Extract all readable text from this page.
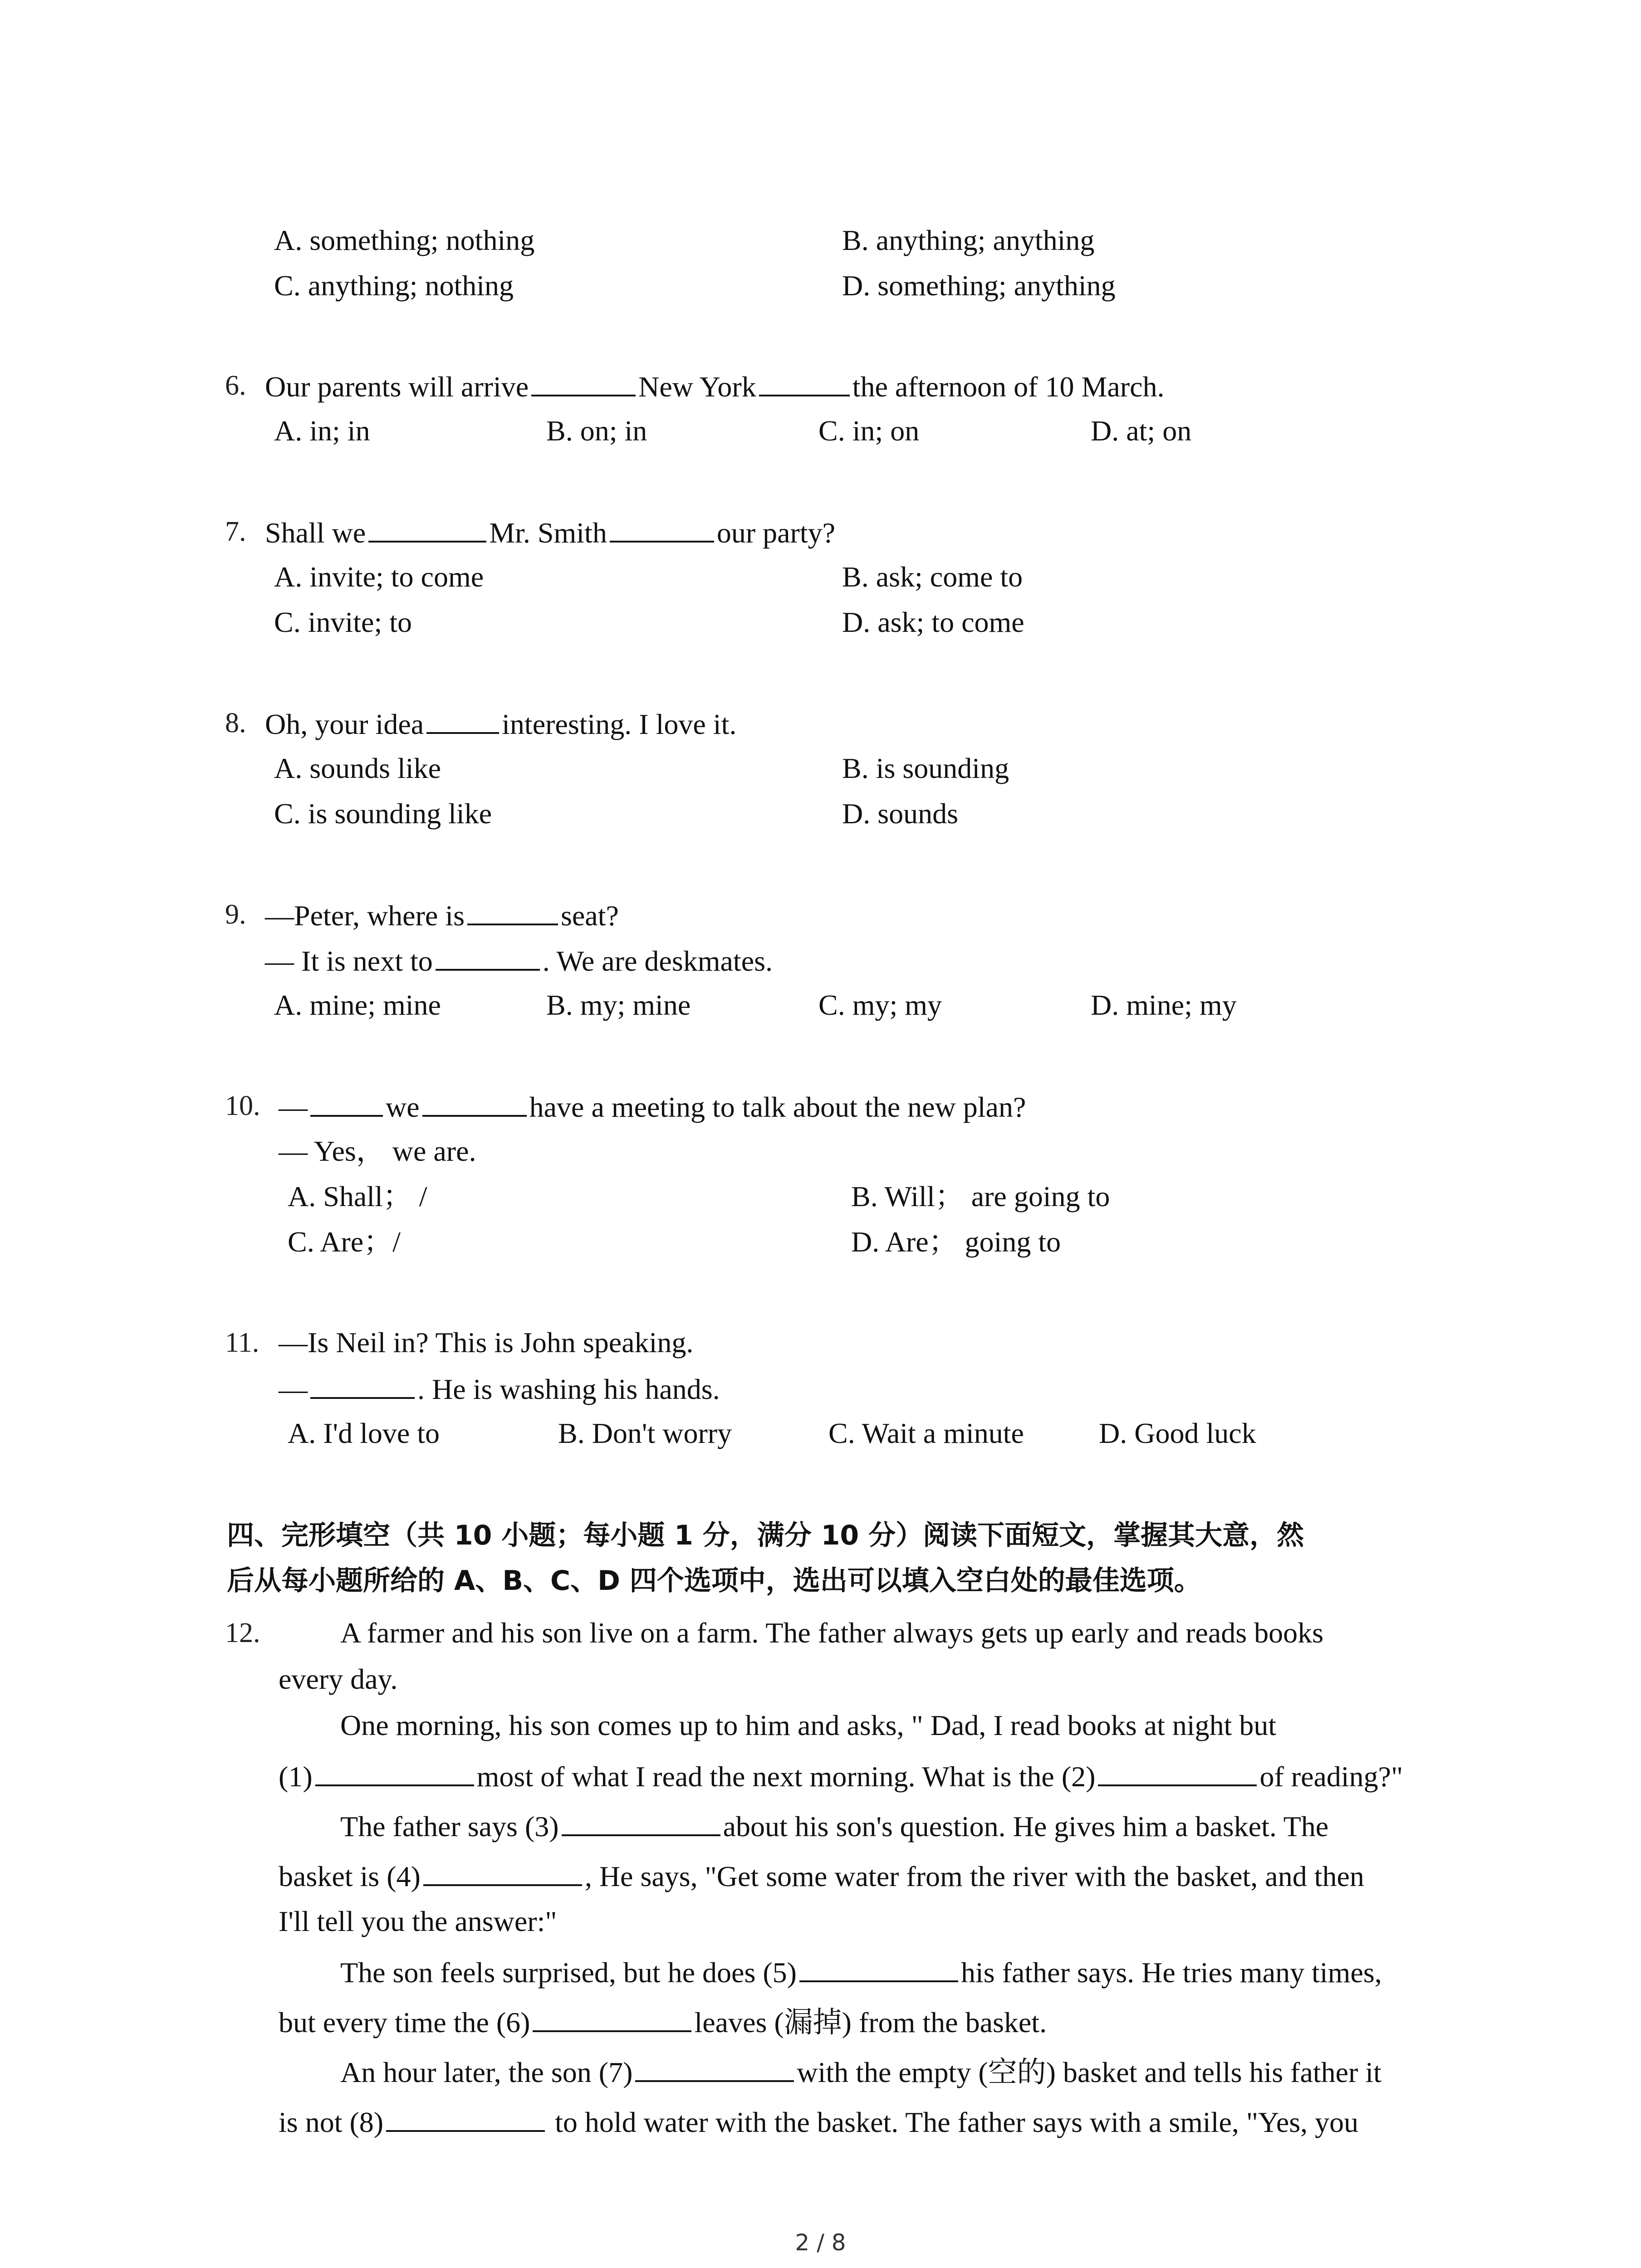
A. something; nothing	B. anything; anything
C. anything; nothing	D. something; anything
6. Our parents will arrive	New York	the afternoon of 10 March.
A. in; in	B. on; in	C. in; on	D. at; on
7. Shall we	Mr. Smith	our party?
A. invite; to come	B. ask; come to
C. invite; to	D. ask; to come
8. Oh, your idea	interesting. I love it.
A. sounds like	B. is sounding
C. is sounding like	D. sounds
9. —Peter, where is	seat?
— It is next to	. We are deskmates.
A. mine; mine	B. my; mine	C. my; my	D. mine; my
10. —	we	have a meeting to talk about the new plan?
— Yes， we are.
A. Shall； /	B. Will； are going to
C. Are；/	D. Are； going to
11. —Is Neil in? This is John speaking.
—	. He is washing his hands.
A. I'd love to	B. Don't worry	C. Wait a minute	D. Good luck
四、完形填空（共 10 小题；每小题 1 分，满分 10 分）阅读下面短文，掌握其大意，然
后从每小题所给的 A、B、C、D 四个选项中，选出可以填入空白处的最佳选项。
12.	A farmer and his son live on a farm. The father always gets up early and reads books
every day.
One morning, his son comes up to him and asks, " Dad, I read books at night but
(1)	most of what I read the next morning. What is the (2)	of reading?"
The father says (3)	about his son's question. He gives him a basket. The
basket is (4)	, He says, "Get some water from the river with the basket, and then
I'll tell you the answer:"
The son feels surprised, but he does (5)	his father says. He tries many times,
but every time the (6)	leaves (漏掉) from the basket.
An hour later, the son (7)	with the empty (空的) basket and tells his father it
is not (8)	to hold water with the basket. The father says with a smile, "Yes, you
2 / 8
